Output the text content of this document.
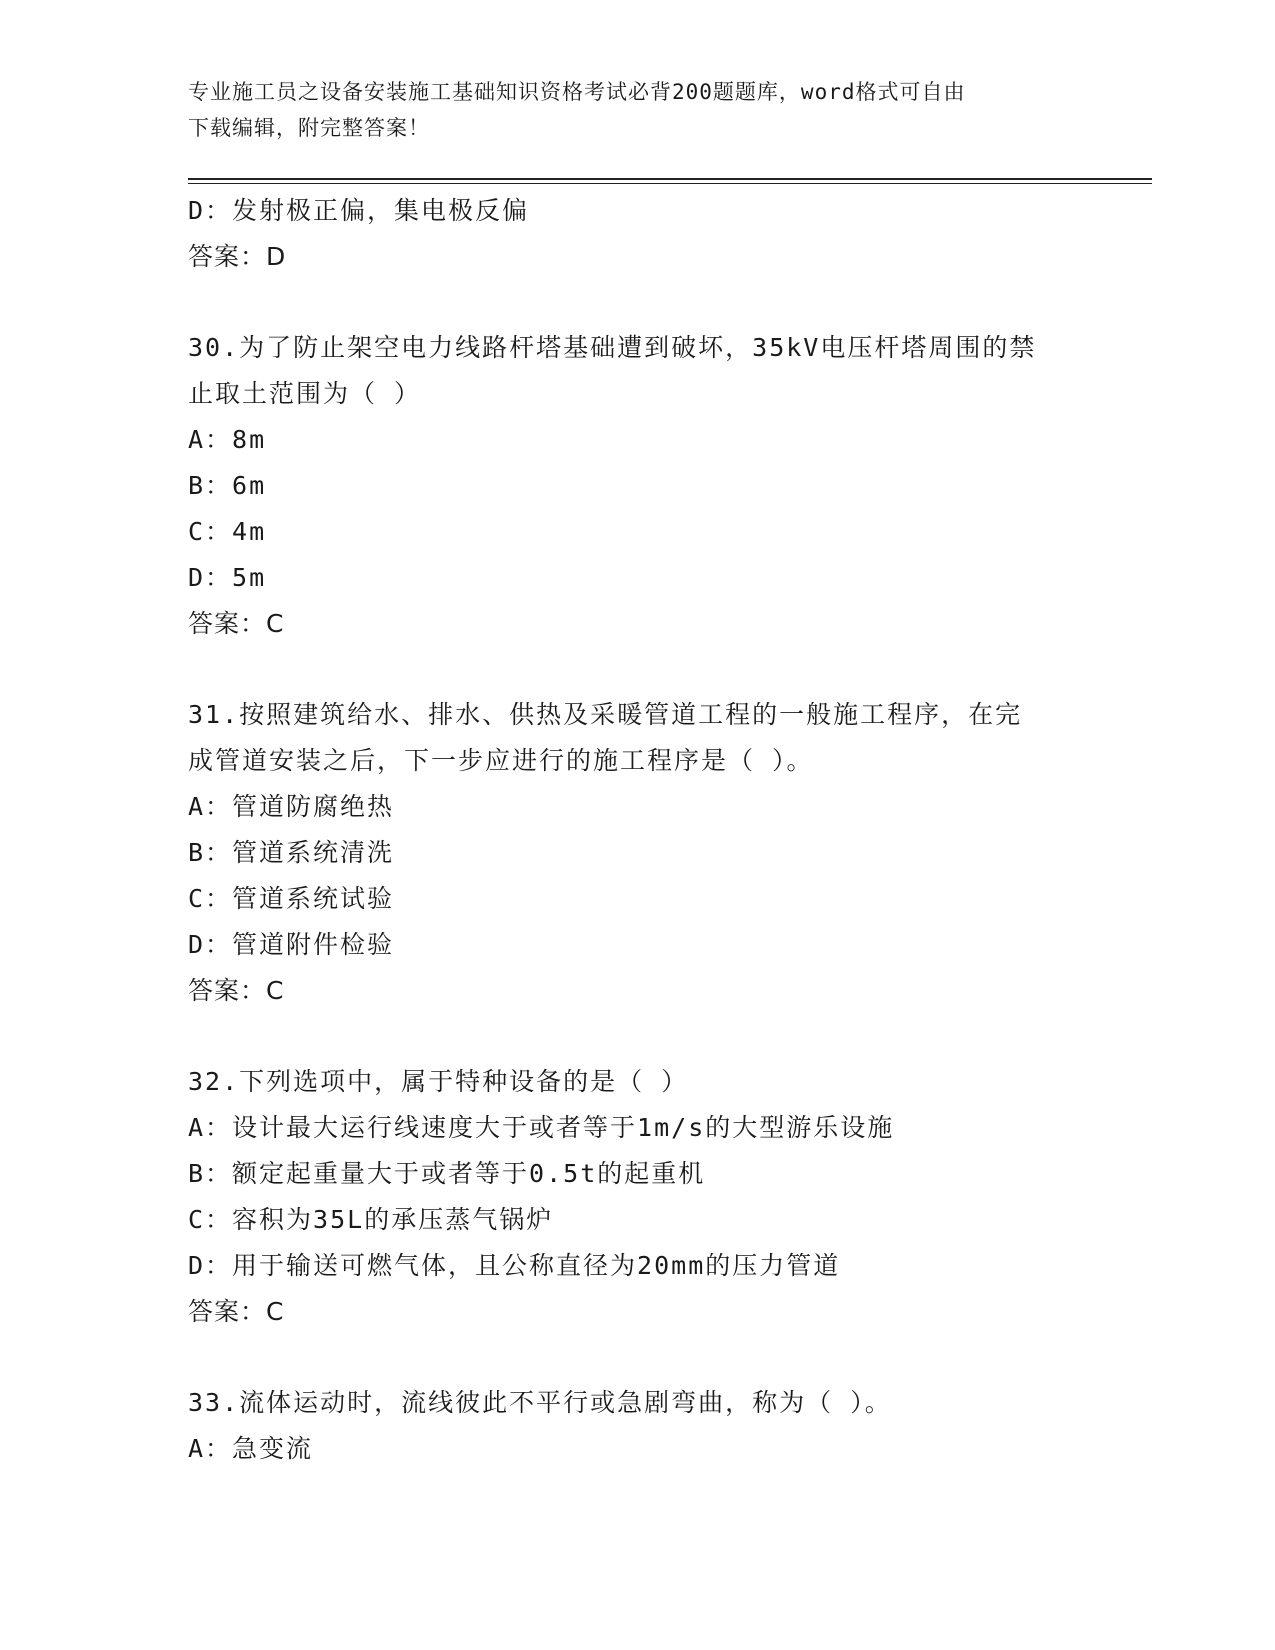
专业施工员之设备安装施工基础知识资格考试必背200题题库，word格式可自由
下载编辑，附完整答案！
D：发射极正偏，集电极反偏
答案：D
30.为了防止架空电力线路杆塔基础遭到破坏，35kV电压杆塔周围的禁
止取土范围为（ ）
A：8m
B：6m
C：4m
D：5m
答案：C
31.按照建筑给水、排水、供热及采暖管道工程的一般施工程序，在完
成管道安装之后，下一步应进行的施工程序是（ ）。
A：管道防腐绝热
B：管道系统清洗
C：管道系统试验
D：管道附件检验
答案：C
32.下列选项中，属于特种设备的是（ ）
A：设计最大运行线速度大于或者等于1m/s的大型游乐设施
B：额定起重量大于或者等于0.5t的起重机
C：容积为35L的承压蒸气锅炉
D：用于输送可燃气体，且公称直径为20mm的压力管道
答案：C
33.流体运动时，流线彼此不平行或急剧弯曲，称为（ ）。
A：急变流
